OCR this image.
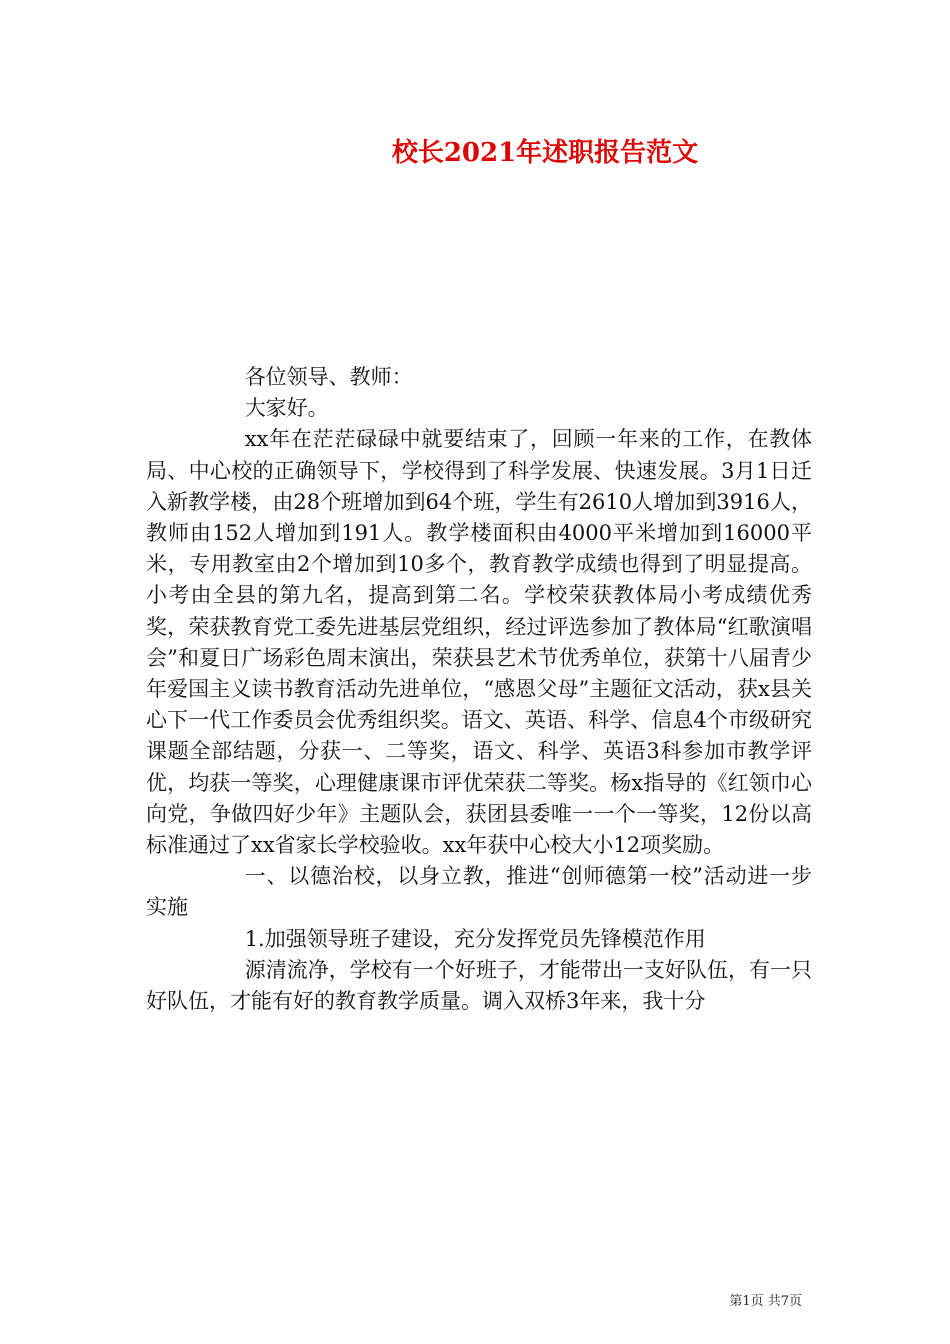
校长2021年述职报告范文

各位领导、教师：

大家好。

xx年在茫茫碌碌中就要结束了，回顾一年来的工作，在教体局、中心校的正确领导下，学校得到了科学发展、快速发展。3月1日迁入新教学楼，由28个班增加到64个班，学生有2610人增加到3916人，教师由152人增加到191人。教学楼面积由4000平米增加到16000平米，专用教室由2个增加到10多个，教育教学成绩也得到了明显提高。小考由全县的第九名，提高到第二名。学校荣获教体局小考成绩优秀奖，荣获教育党工委先进基层党组织，经过评选参加了教体局“红歌演唱会”和夏日广场彩色周末演出，荣获县艺术节优秀单位，获第十八届青少年爱国主义读书教育活动先进单位，“感恩父母”主题征文活动，获x县关心下一代工作委员会优秀组织奖。语文、英语、科学、信息4个市级研究课题全部结题，分获一、二等奖，语文、科学、英语3科参加市教学评优，均获一等奖，心理健康课市评优荣获二等奖。杨x指导的《红领巾心向党，争做四好少年》主题队会，获团县委唯一一个一等奖，12份以高标准通过了xx省家长学校验收。xx年获中心校大小12项奖励。

一、以德治校，以身立教，推进“创师德第一校”活动进一步实施

1.加强领导班子建设，充分发挥党员先锋模范作用

源清流净，学校有一个好班子，才能带出一支好队伍，有一只好队伍，才能有好的教育教学质量。调入双桥3年来，我十分

第1页 共7页
